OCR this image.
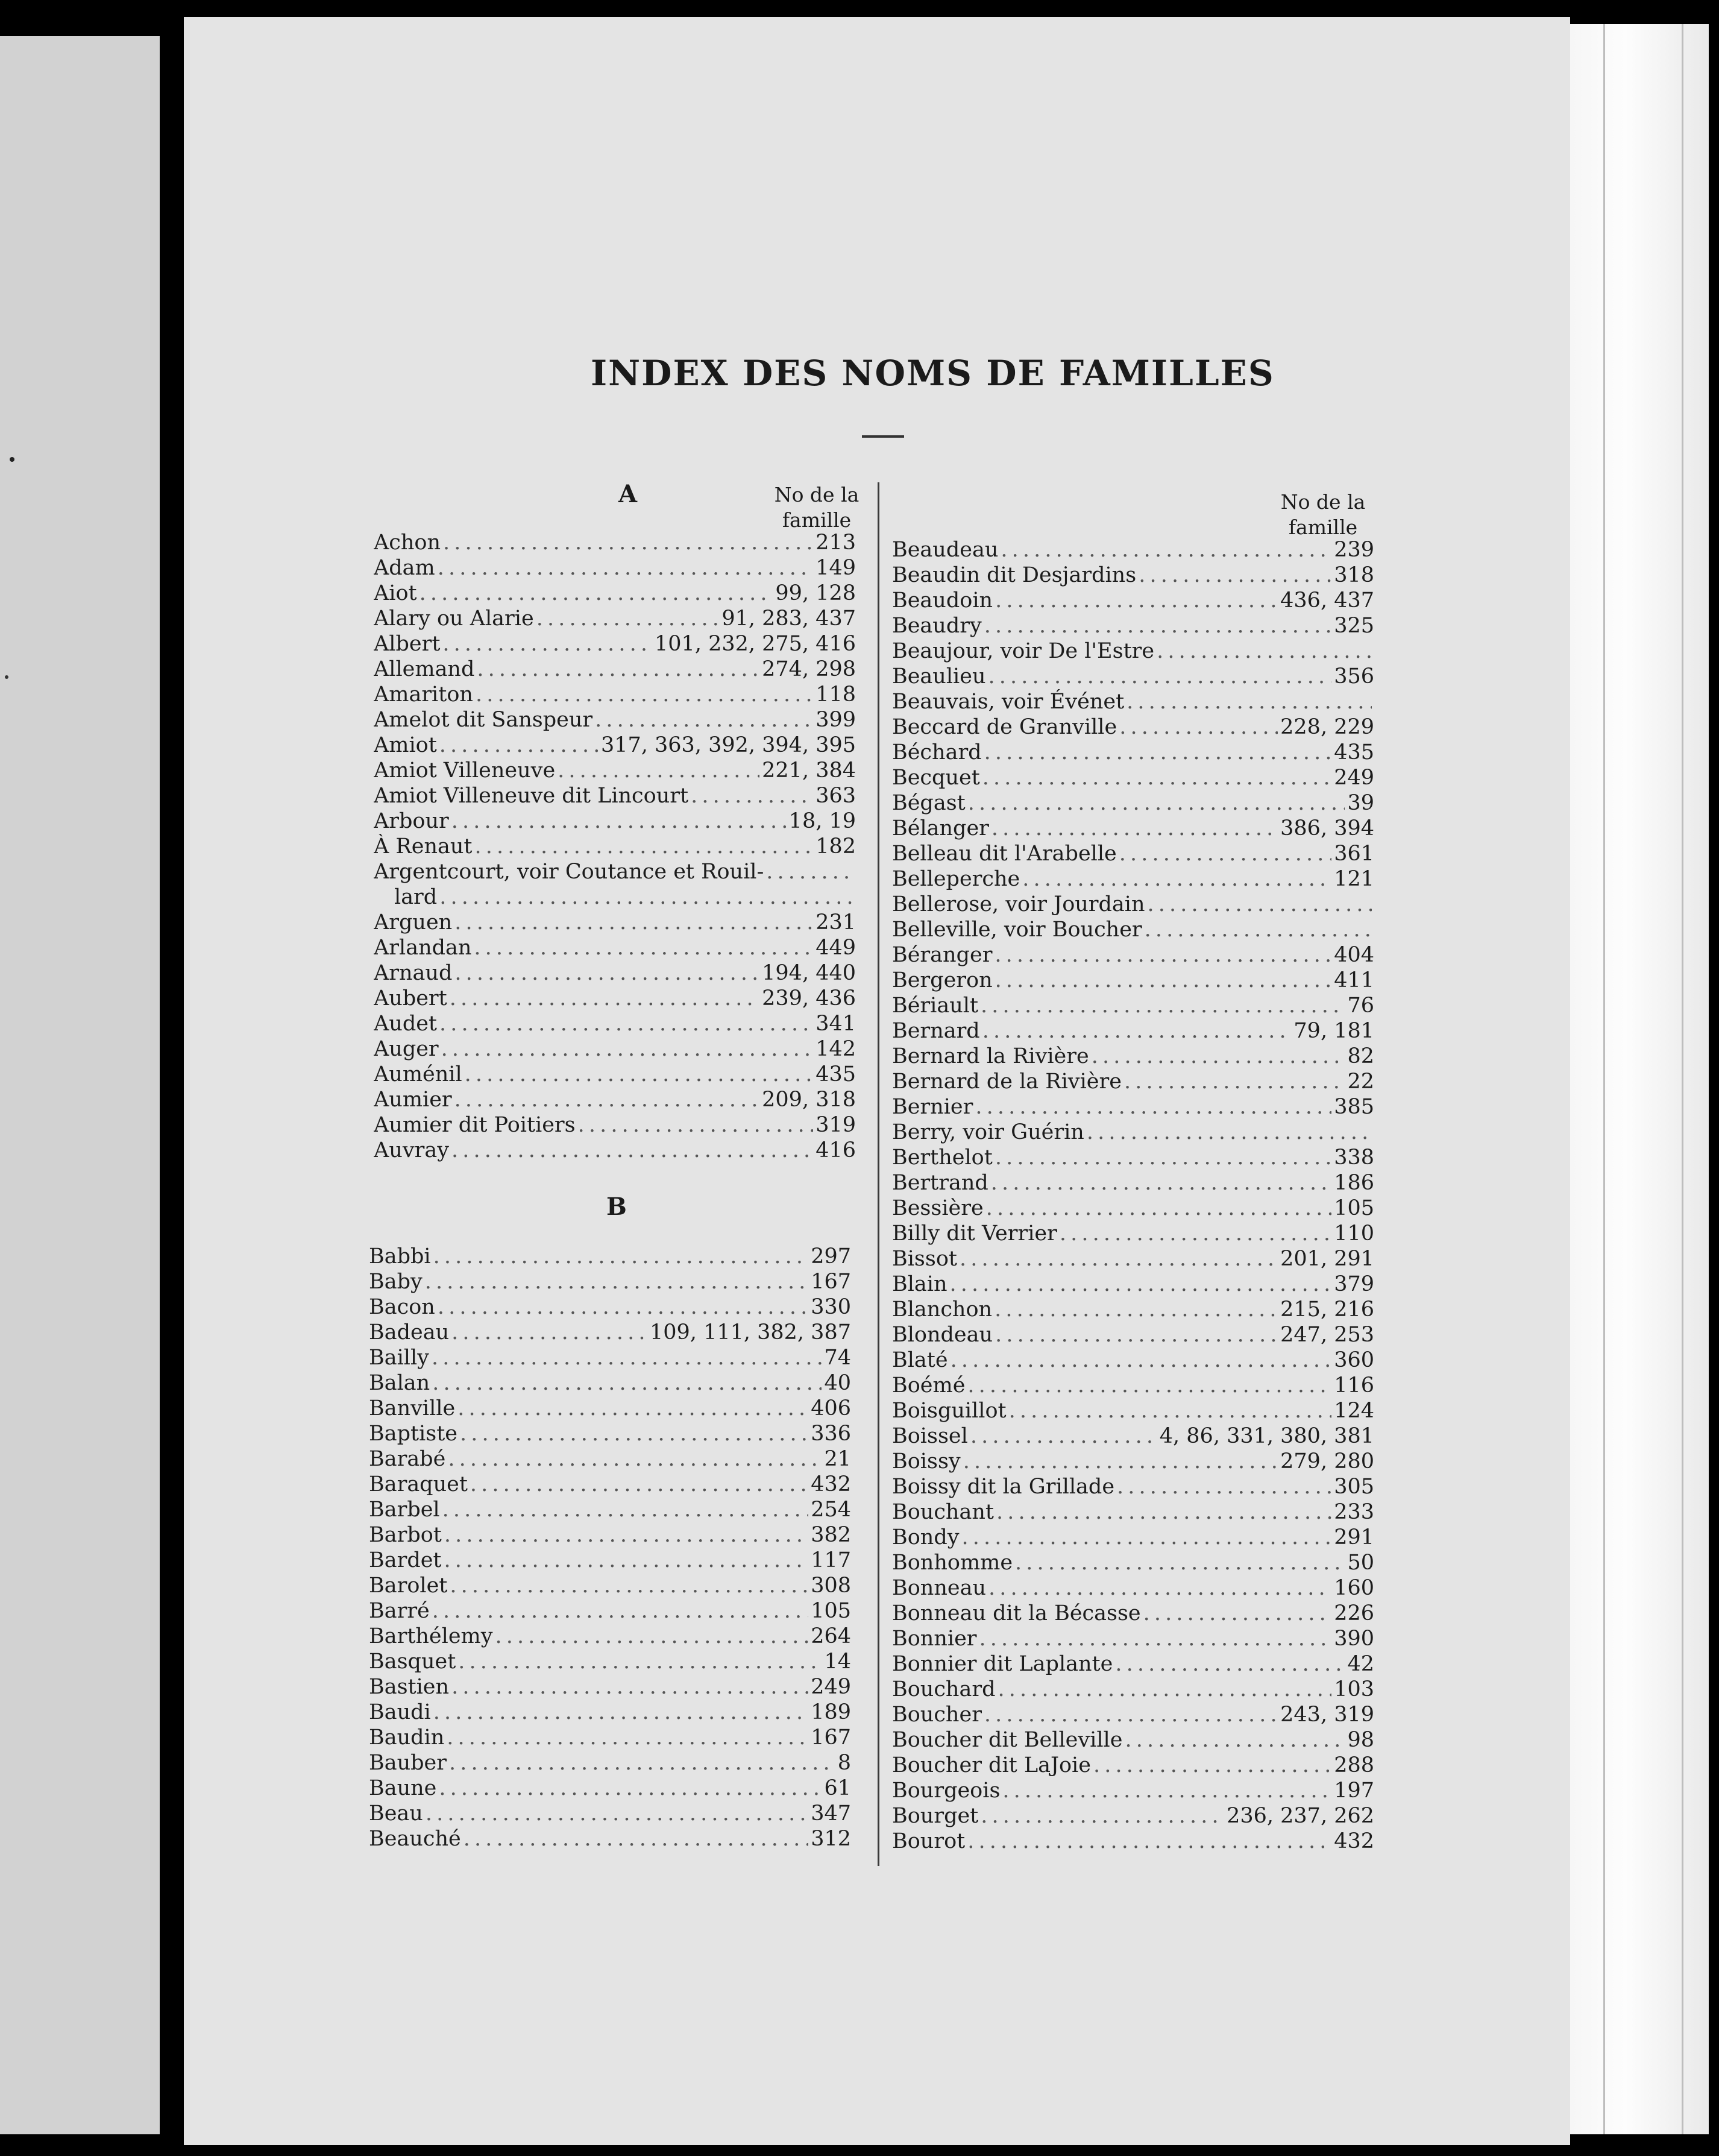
INDEX DES NOMS DE FAMILLES
A
B
No de la
famille
No de la
famille
Achon . . .	213
Adam . . .	149
Aiot . . .	99, 128
Alary ou Alarie . . .	91, 283, 437
Albert . . .	101, 232, 275, 416
Allemand . . .	274, 298
Amariton . . .	118
Amelot dit Sanspeur . . .	399
Amiot . . .	317, 363, 392, 394, 395
Amiot Villeneuve . . .	221, 384
Amiot Villeneuve dit Lincourt . . .	363
Arbour . . .	18, 19
À Renaut . . .	182
Argentcourt, voir Coutance et Rouil-
. . .
lard
. . .
Arguen . . .	231
Arlandan . . .	449
Arnaud . . .	194, 440
Aubert . . .	239, 436
Audet . . .	341
Auger . . .	142
Auménil . . .	435
Aumier . . .	209, 318
Aumier dit Poitiers . . .	319
Auvray . . .	416
Babbi . . .	297
Baby . . .	167
Bacon . . .	330
Badeau . . .	109, 111, 382, 387
Bailly . . .	74
Balan . . .	40
Banville . . .	406
Baptiste . . .	336
Barabé . . .	21
Baraquet . . .	432
Barbel . . .	254
Barbot . . .	382
Bardet . . .	117
Barolet . . .	308
Barré . . .	105
Barthélemy . . .	264
Basquet . . .	14
Bastien . . .	249
Baudi . . .	189
Baudin . . .	167
Bauber . . .	8
Baune . . .	61
Beau . . .	347
Beauché . . .	312
Beaudeau . . .	239
Beaudin dit Desjardins . . .	318
Beaudoin . . .	436, 437
Beaudry . . .	325
Beaujour, voir De l'Estre
. . .
Beaulieu . . .	356
Beauvais, voir Événet
. . .
Beccard de Granville . . .	228, 229
Béchard . . .	435
Becquet . . .	249
Bégast . . .	39
Bélanger . . .	386, 394
Belleau dit l'Arabelle . . .	361
Belleperche . . .	121
Bellerose, voir Jourdain
. . .
Belleville, voir Boucher
. . .
Béranger . . .	404
Bergeron . . .	411
Bériault . . .	76
Bernard . . .	79, 181
Bernard la Rivière . . .	82
Bernard de la Rivière . . .	22
Bernier . . .	385
Berry, voir Guérin
. . .
Berthelot . . .	338
Bertrand . . .	186
Bessière . . .	105
Billy dit Verrier . . .	110
Bissot . . .	201, 291
Blain . . .	379
Blanchon . . .	215, 216
Blondeau . . .	247, 253
Blaté . . .	360
Boémé . . .	116
Boisguillot . . .	124
Boissel . . .	4, 86, 331, 380, 381
Boissy . . .	279, 280
Boissy dit la Grillade . . .	305
Bouchant . . .	233
Bondy . . .	291
Bonhomme . . .	50
Bonneau . . .	160
Bonneau dit la Bécasse . . .	226
Bonnier . . .	390
Bonnier dit Laplante . . .	42
Bouchard . . .	103
Boucher . . .	243, 319
Boucher dit Belleville . . .	98
Boucher dit LaJoie . . .	288
Bourgeois . . .	197
Bourget . . .	236, 237, 262
Bourot . . .	432
